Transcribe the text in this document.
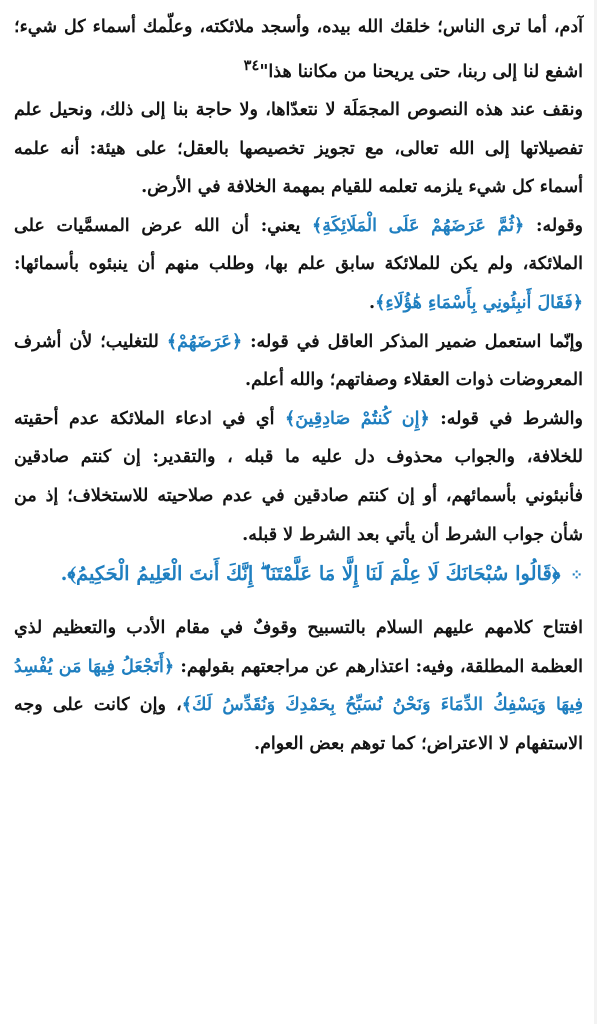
آدم، أما ترى الناس؛ خلقك الله بيده، وأسجد ملائكته، وعلّمك أسماء كل شيء؛ اشفع لنا إلى ربنا، حتى يريحنا من مكاننا هذا"$^{٣٤}$

ونقف عند هذه النصوص المجمَلَة لا نتعدّاها، ولا حاجة بنا إلى ذلك، ونحيل علم تفصيلاتها إلى الله تعالى، مع تجويز تخصيصها بالعقل؛ على هيئة: أنه علمه أسماء كل شيء يلزمه تعلمه للقيام بمهمة الخلافة في الأرض.

وقوله: ﴿ثُمَّ عَرَضَهُمْ عَلَى الْمَلَائِكَةِ﴾ يعني: أن الله عرض المسمَّيات على الملائكة، ولم يكن للملائكة سابق علم بها، وطلب منهم أن ينبئوه بأسمائها: ﴿فَقَالَ أَنبِئُونِي بِأَسْمَاءِ هَٰؤُلَاءِ﴾.

وإنّما استعمل ضمير المذكر العاقل في قوله: ﴿عَرَضَهُمْ﴾ للتغليب؛ لأن أشرف المعروضات ذوات العقلاء وصفاتهم؛ والله أعلم.

والشرط في قوله: ﴿إِن كُنتُمْ صَادِقِينَ﴾ أي في ادعاء الملائكة عدم أحقيته للخلافة، والجواب محذوف دل عليه ما قبله ، والتقدير: إن كنتم صادقين فأنبئوني بأسمائهم، أو إن كنتم صادقين في عدم صلاحيته للاستخلاف؛ إذ من شأن جواب الشرط أن يأتي بعد الشرط لا قبله.

⁘﴿قَالُوا سُبْحَانَكَ لَا عِلْمَ لَنَا إِلَّا مَا عَلَّمْتَنَا ۖ إِنَّكَ أَنتَ الْعَلِيمُ الْحَكِيمُ﴾.

افتتاح كلامهم عليهم السلام بالتسبيح وقوفٌ في مقام الأدب والتعظيم لذي العظمة المطلقة، وفيه: اعتذارهم عن مراجعتهم بقولهم: ﴿أَتَجْعَلُ فِيهَا مَن يُفْسِدُ فِيهَا وَيَسْفِكُ الدِّمَاءَ وَنَحْنُ نُسَبِّحُ بِحَمْدِكَ وَنُقَدِّسُ لَكَ﴾، وإن كانت على وجه الاستفهام لا الاعتراض؛ كما توهم بعض العوام.
